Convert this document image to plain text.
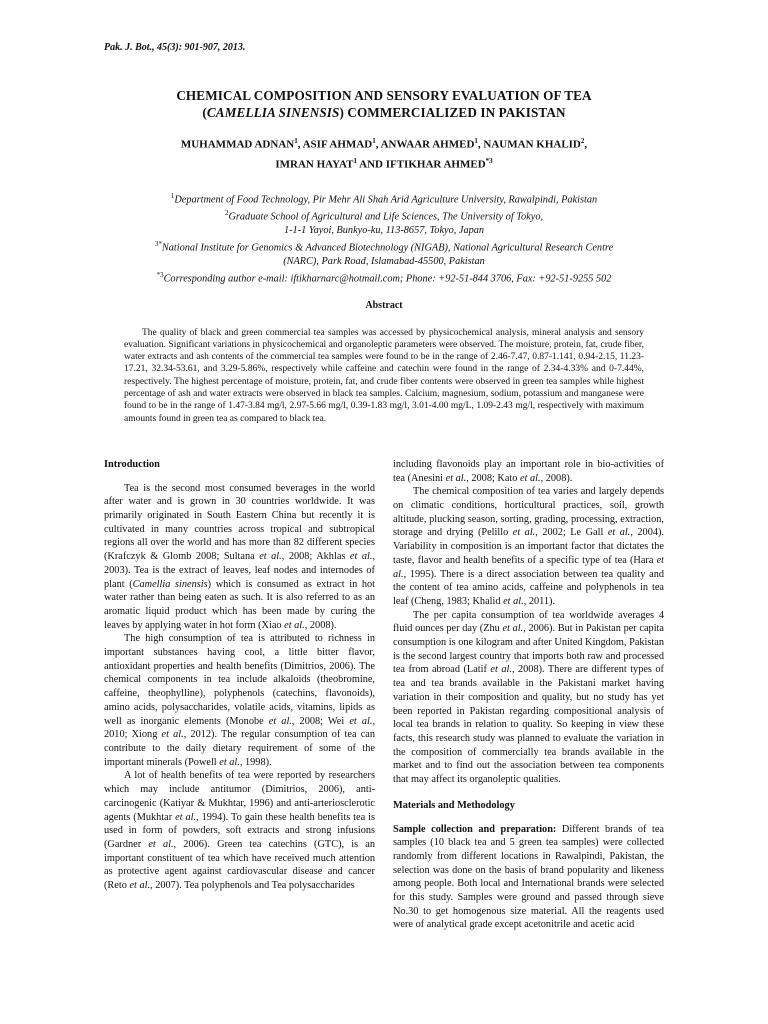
Pak. J. Bot., 45(3): 901-907, 2013.
CHEMICAL COMPOSITION AND SENSORY EVALUATION OF TEA
(CAMELLIA SINENSIS) COMMERCIALIZED IN PAKISTAN
MUHAMMAD ADNAN$^1$, ASIF AHMAD$^1$, ANWAAR AHMED$^1$, NAUMAN KHALID$^2$,
IMRAN HAYAT$^1$ AND IFTIKHAR AHMED$^{*3}$
$^1$Department of Food Technology, Pir Mehr Ali Shah Arid Agriculture University, Rawalpindi, Pakistan
$^2$Graduate School of Agricultural and Life Sciences, The University of Tokyo,
1-1-1 Yayoi, Bunkyo-ku, 113-8657, Tokyo, Japan
$^{3*}$National Institute for Genomics & Advanced Biotechnology (NIGAB), National Agricultural Research Centre
(NARC), Park Road, Islamabad-45500, Pakistan
$^{*3}$Corresponding author e-mail: iftikharnarc@hotmail.com; Phone: +92-51-844 3706, Fax: +92-51-9255 502
Abstract
The quality of black and green commercial tea samples was accessed by physicochemical analysis, mineral analysis and sensory evaluation. Significant variations in physicochemical and organoleptic parameters were observed. The moisture, protein, fat, crude fiber, water extracts and ash contents of the commercial tea samples were found to be in the range of 2.46-7.47, 0.87-1.141, 0.94-2.15, 11.23-17.21, 32.34-53.61, and 3.29-5.86%, respectively while caffeine and catechin were found in the range of 2.34-4.33% and 0-7.44%, respectively. The highest percentage of moisture, protein, fat, and crude fiber contents were observed in green tea samples while highest percentage of ash and water extracts were observed in black tea samples. Calcium, magnesium, sodium, potassium and manganese were found to be in the range of 1.47-3.84 mg/l, 2.97-5.66 mg/l, 0.39-1.83 mg/l, 3.01-4.00 mg/L, 1.09-2.43 mg/l, respectively with maximum amounts found in green tea as compared to black tea.

Introduction

Tea is the second most consumed beverages in the world after water and is grown in 30 countries worldwide. It was primarily originated in South Eastern China but recently it is cultivated in many countries across tropical and subtropical regions all over the world and has more than 82 different species (Krafczyk & Glomb 2008; Sultana et al., 2008; Akhlas et al., 2003). Tea is the extract of leaves, leaf nodes and internodes of plant (Camellia sinensis) which is consumed as extract in hot water rather than being eaten as such. It is also referred to as an aromatic liquid product which has been made by curing the leaves by applying water in hot form (Xiao et al., 2008).

The high consumption of tea is attributed to richness in important substances having cool, a little bitter flavor, antioxidant properties and health benefits (Dimitrios, 2006). The chemical components in tea include alkaloids (theobromine, caffeine, theophylline), polyphenols (catechins, flavonoids), amino acids, polysaccharides, volatile acids, vitamins, lipids as well as inorganic elements (Monobe et al., 2008; Wei et al., 2010; Xiong et al., 2012). The regular consumption of tea can contribute to the daily dietary requirement of some of the important minerals (Powell et al., 1998).

A lot of health benefits of tea were reported by researchers which may include antitumor (Dimitrios, 2006), anti-carcinogenic (Katiyar & Mukhtar, 1996) and anti-arteriosclerotic agents (Mukhtar et al., 1994). To gain these health benefits tea is used in form of powders, soft extracts and strong infusions (Gardner et al., 2006). Green tea catechins (GTC), is an important constituent of tea which have received much attention as protective agent against cardiovascular disease and cancer (Reto et al., 2007). Tea polyphenols and Tea polysaccharides

including flavonoids play an important role in bio-activities of tea (Anesini et al., 2008; Kato et al., 2008).

The chemical composition of tea varies and largely depends on climatic conditions, horticultural practices, soil, growth altitude, plucking season, sorting, grading, processing, extraction, storage and drying (Pelillo et al., 2002; Le Gall et al., 2004). Variability in composition is an important factor that dictates the taste, flavor and health benefits of a specific type of tea (Hara et al., 1995). There is a direct association between tea quality and the content of tea amino acids, caffeine and polyphenols in tea leaf (Cheng, 1983; Khalid et al., 2011).

The per capita consumption of tea worldwide averages 4 fluid ounces per day (Zhu et al., 2006). But in Pakistan per capita consumption is one kilogram and after United Kingdom, Pakistan is the second largest country that imports both raw and processed tea from abroad (Latif et al., 2008). There are different types of tea and tea brands available in the Pakistani market having variation in their composition and quality, but no study has yet been reported in Pakistan regarding compositional analysis of local tea brands in relation to quality. So keeping in view these facts, this research study was planned to evaluate the variation in the composition of commercially tea brands available in the market and to find out the association between tea components that may affect its organoleptic qualities.

Materials and Methodology

Sample collection and preparation: Different brands of tea samples (10 black tea and 5 green tea samples) were collected randomly from different locations in Rawalpindi, Pakistan, the selection was done on the basis of brand popularity and likeness among people. Both local and International brands were selected for this study. Samples were ground and passed through sieve No.30 to get homogenous size material. All the reagents used were of analytical grade except acetonitrile and acetic acid
